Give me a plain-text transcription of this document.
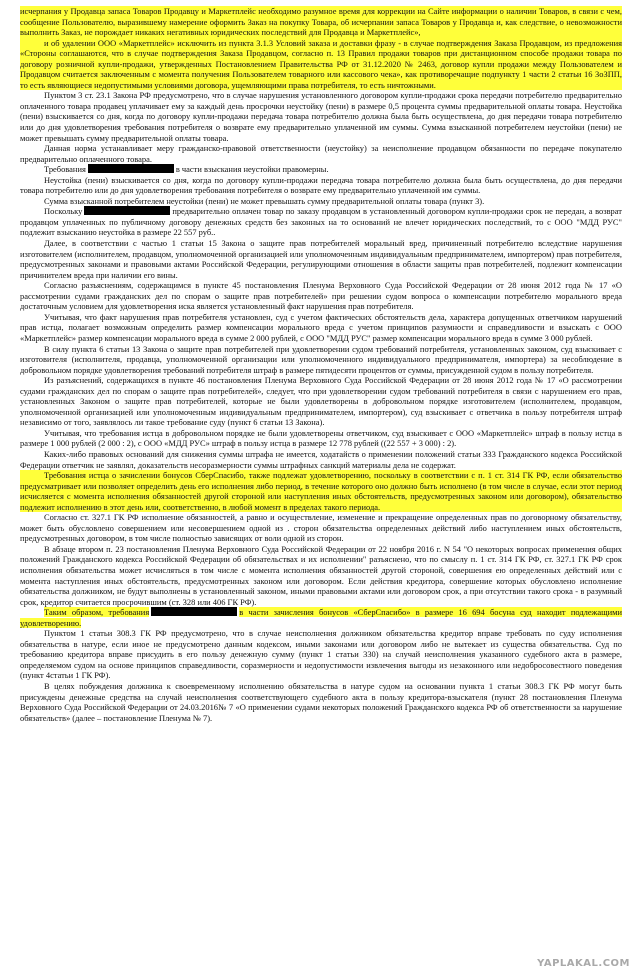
исчерпания у Продавца запаса Товаров Продавцу и Маркетплейс необходимо разумное время для коррекции на Сайте информации о наличии Товаров, в связи с чем, сообщение Пользователю, выразившему намерение оформить Заказ на покупку Товара, об исчерпании запаса Товаров у Продавца и, как следствие, о невозможности выполнить Заказ, не порождает никаких негативных юридических последствий для Продавца и Маркетплейс»,

и об удалении ООО «Маркетплейс» исключить из пункта 3.1.3 Условий заказа и доставки фразу - в случае подтверждения Заказа Продавцом, из предложения «Стороны соглашаются, что в случае подтверждения Заказа Продавцом, согласно п. 13 Правил продажи товаров при дистанционном способе продажи товара по договору розничной купли-продажи, утвержденных Постановлением Правительства РФ от 31.12.2020 № 2463, договор купли продажи между Пользователем и Продавцом считается заключенным с момента получения Пользователем товарного или кассового чека», как противоречащие подпункту 1 части 2 статьи 16 ЗоЗПП, то есть являющиеся недопустимыми условиями договора, ущемляющими права потребителя, то есть ничтожными.

Пунктом 3 ст. 23.1 Закона РФ предусмотрено, что в случае нарушения установленного договором купли-продажи срока передачи потребителю предварительно оплаченного товара продавец уплачивает ему за каждый день просрочки неустойку (пени) в размере 0,5 процента суммы предварительной оплаты товара. Неустойка (пени) взыскивается со дня, когда по договору купли-продажи передача товара потребителю должна была быть осуществлена, до дня передачи товара потребителю или до дня удовлетворения требования потребителя о возврате ему предварительно уплаченной им суммы. Сумма взысканной потребителем неустойки (пени) не может превышать сумму предварительной оплаты товара.

Данная норма устанавливает меру гражданско-правовой ответственности (неустойку) за неисполнение продавцом обязанности по передаче покупателю предварительно оплаченного товара.

Требования	в части взыскания неустойки правомерны.

Неустойка (пени) взыскивается со дня, когда по договору купли-продажи передача товара потребителю должна была быть осуществлена, до дня передачи товара потребителю или до дня удовлетворения требования потребителя о возврате ему предварительно уплаченной им суммы.

Сумма взысканной потребителем неустойки (пени) не может превышать сумму предварительной оплаты товара (пункт 3).

Поскольку	предварительно оплачен товар по заказу продавцом в установленный договором купли-продажи срок не передан, а возврат продавцом уплаченных по публичному договору денежных средств без законных на то оснований не влечет юридических последствий, то с ООО "МДД РУС" подлежит взысканию неустойка в размере 22 557 руб..

Далее, в соответствии с частью 1 статьи 15 Закона о защите прав потребителей моральный вред, причиненный потребителю вследствие нарушения изготовителем (исполнителем, продавцом, уполномоченной организацией или уполномоченным индивидуальным предпринимателем, импортером) прав потребителя, предусмотренных законами и правовыми актами Российской Федерации, регулирующими отношения в области защиты прав потребителей, подлежит компенсации причинителем вреда при наличии его вины.

Согласно разъяснениям, содержащимся в пункте 45 постановления Пленума Верховного Суда Российской Федерации от 28 июня 2012 года № 17 «О рассмотрении судами гражданских дел по спорам о защите прав потребителей» при решении судом вопроса о компенсации потребителю морального вреда достаточным условием для удовлетворения иска является установленный факт нарушения прав потребителя.

Учитывая, что факт нарушения прав потребителя установлен, суд с учетом фактических обстоятельств дела, характера допущенных ответчиком нарушений прав истца, полагает возможным определить размер компенсации морального вреда с учетом принципов разумности и справедливости и взыскать с ООО «Маркетплейс» размер компенсации морального вреда в сумме 2 000 рублей, с ООО "МДД РУС" размер компенсации морального вреда в сумме 3 000 рублей.

В силу пункта 6 статьи 13 Закона о защите прав потребителей при удовлетворении судом требований потребителя, установленных законом, суд взыскивает с изготовителя (исполнителя, продавца, уполномоченной организации или уполномоченного индивидуального предпринимателя, импортера) за несоблюдение в добровольном порядке удовлетворения требований потребителя штраф в размере пятидесяти процентов от суммы, присужденной судом в пользу потребителя.

Из разъяснений, содержащихся в пункте 46 постановления Пленума Верховного Суда Российской Федерации от 28 июня 2012 года № 17 «О рассмотрении судами гражданских дел по спорам о защите прав потребителей», следует, что при удовлетворении судом требований потребителя в связи с нарушением его прав, установленных Законом о защите прав потребителей, которые не были удовлетворены в добровольном порядке изготовителем (исполнителем, продавцом, уполномоченной организацией или уполномоченным индивидуальным предпринимателем, импортером), суд взыскивает с ответчика в пользу потребителя штраф независимо от того, заявлялось ли такое требование суду (пункт 6 статьи 13 Закона).

Учитывая, что требования истца в добровольном порядке не были удовлетворены ответчиком, суд взыскивает с ООО «Маркетплейс» штраф в пользу истца в размере 1 000 рублей (2 000 : 2), с ООО «МДД РУС» штраф в пользу истца в размере 12 778 рублей ((22 557 + 3 000) : 2).

Каких-либо правовых оснований для снижения суммы штрафа не имеется, ходатайств о применении положений статьи 333 Гражданского кодекса Российской Федерации ответчик не заявлял, доказательств несоразмерности суммы штрафных санкций материалы дела не содержат.

Требования истца о зачислении бонусов СберСпасибо, также подлежат удовлетворению, поскольку в соответствии с п. 1 ст. 314 ГК РФ, если обязательство предусматривает или позволяет определить день его исполнения либо период, в течение которого оно должно быть исполнено (в том числе в случае, если этот период исчисляется с момента исполнения обязанностей другой стороной или наступления иных обстоятельств, предусмотренных законом или договором), обязательство подлежит исполнению в этот день или, соответственно, в любой момент в пределах такого периода.

Согласно ст. 327.1 ГК РФ исполнение обязанностей, а равно и осуществление, изменение и прекращение определенных прав по договорному обязательству, может быть обусловлено совершением или несовершением одной из . сторон обязательства определенных действий либо наступлением иных обстоятельств, предусмотренных договором, в том числе полностью зависящих от воли одной из сторон.

В абзаце втором п. 23 постановления Пленума Верховного Суда Российской Федерации от 22 ноября 2016 г. N 54 "О некоторых вопросах применения общих положений Гражданского кодекса Российской Федерации об обязательствах и их исполнении" разъяснено, что по смыслу п. 1 ст. 314 ГК РФ, ст. 327.1 ГК РФ срок исполнения обязательства может исчисляться в том числе с момента исполнения обязанностей другой стороной, совершения ею определенных действий или с момента наступления иных обстоятельств, предусмотренных законом или договором. Если действия кредитора, совершение которых обусловлено исполнение обязательства должником, не будут выполнены в установленный законом, иными правовыми актами или договором срок, а при отсутствии такого срока - в разумный срок, кредитор считается просрочившим (ст. 328 или 406 ГК РФ).

Таким образом, требования	в части зачисления бонусов «СберСпасибо» в размере 16 694 босуна суд находит подлежащими удовлетворению.

Пунктом 1 статьи 308.3 ГК РФ предусмотрено, что в случае неисполнения должником обязательства кредитор вправе требовать по суду исполнения обязательства в натуре, если иное не предусмотрено данным кодексом, иными законами или договором либо не вытекает из существа обязательства. Суд по требованию кредитора вправе присудить в его пользу денежную сумму (пункт 1 статьи 330) на случай неисполнения указанного судебного акта в размере, определяемом судом на основе принципов справедливости, соразмерности и недопустимости извлечения выгоды из незаконного или недобросовестного поведения (пункт 4статьи 1 ГК РФ).

В целях побуждения должника к своевременному исполнению обязательства в натуре судом на основании пункта 1 статьи 308.3 ГК РФ могут быть присуждены денежные средства на случай неисполнения соответствующего судебного акта в пользу кредитора-взыскателя (пункт 28 постановления Пленума Верховного Суда Российской Федерации от 24.03.2016№ 7 «О применении судами некоторых положений Гражданского кодекса РФ об ответственности за нарушение обязательств» (далее – постановление Пленума № 7).

YAPLAKAL.COM
